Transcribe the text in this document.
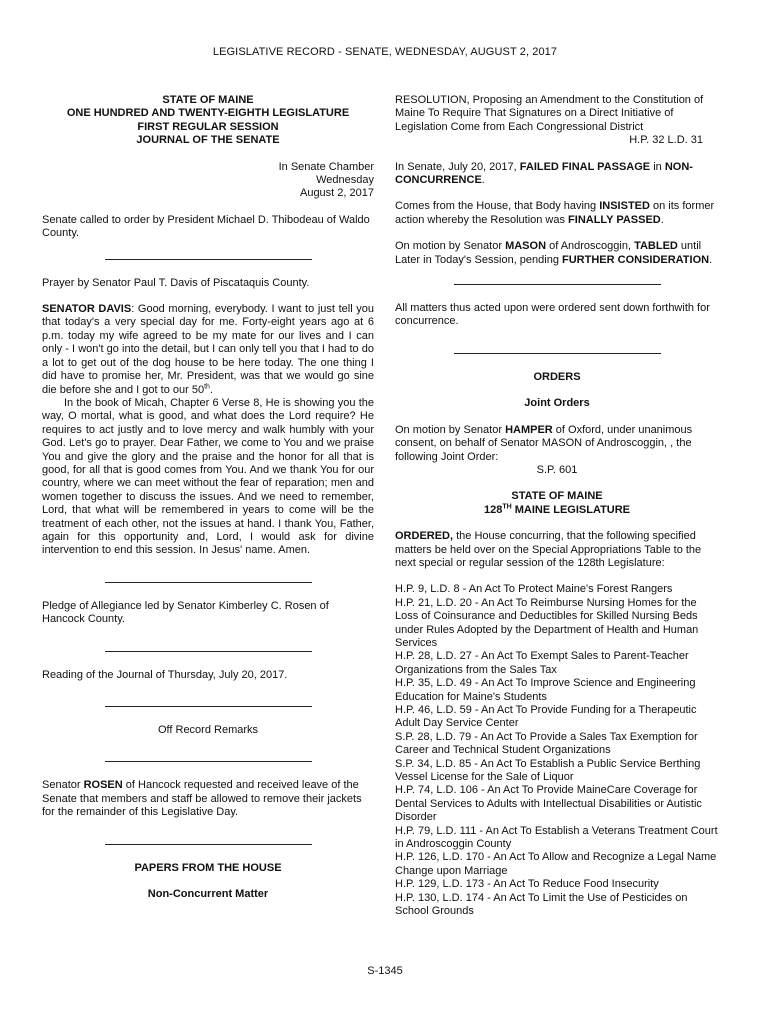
LEGISLATIVE RECORD - SENATE, WEDNESDAY, AUGUST 2, 2017
STATE OF MAINE
ONE HUNDRED AND TWENTY-EIGHTH LEGISLATURE
FIRST REGULAR SESSION
JOURNAL OF THE SENATE
In Senate Chamber
Wednesday
August 2, 2017

Senate called to order by President Michael D. Thibodeau of Waldo County.

Prayer by Senator Paul T. Davis of Piscataquis County.

SENATOR DAVIS: Good morning, everybody. I want to just tell you that today's a very special day for me. Forty-eight years ago at 6 p.m. today my wife agreed to be my mate for our lives and I can only - I won't go into the detail, but I can only tell you that I had to do a lot to get out of the dog house to be here today. The one thing I did have to promise her, Mr. President, was that we would go sine die before she and I got to our 50th.

In the book of Micah, Chapter 6 Verse 8, He is showing you the way, O mortal, what is good, and what does the Lord require? He requires to act justly and to love mercy and walk humbly with your God. Let's go to prayer. Dear Father, we come to You and we praise You and give the glory and the praise and the honor for all that is good, for all that is good comes from You. And we thank You for our country, where we can meet without the fear of reparation; men and women together to discuss the issues. And we need to remember, Lord, that what will be remembered in years to come will be the treatment of each other, not the issues at hand. I thank You, Father, again for this opportunity and, Lord, I would ask for divine intervention to end this session. In Jesus' name. Amen.

Pledge of Allegiance led by Senator Kimberley C. Rosen of Hancock County.

Reading of the Journal of Thursday, July 20, 2017.

Off Record Remarks

Senator ROSEN of Hancock requested and received leave of the Senate that members and staff be allowed to remove their jackets for the remainder of this Legislative Day.

PAPERS FROM THE HOUSE

Non-Concurrent Matter

RESOLUTION, Proposing an Amendment to the Constitution of Maine To Require That Signatures on a Direct Initiative of Legislation Come from Each Congressional District

H.P. 32 L.D. 31

In Senate, July 20, 2017, FAILED FINAL PASSAGE in NON-CONCURRENCE.

Comes from the House, that Body having INSISTED on its former action whereby the Resolution was FINALLY PASSED.

On motion by Senator MASON of Androscoggin, TABLED until Later in Today's Session, pending FURTHER CONSIDERATION.

All matters thus acted upon were ordered sent down forthwith for concurrence.

ORDERS

Joint Orders

On motion by Senator HAMPER of Oxford, under unanimous consent, on behalf of Senator MASON of Androscoggin, , the following Joint Order:

S.P. 601

STATE OF MAINE

128TH MAINE LEGISLATURE

ORDERED, the House concurring, that the following specified matters be held over on the Special Appropriations Table to the next special or regular session of the 128th Legislature:

H.P. 9, L.D. 8 - An Act To Protect Maine's Forest Rangers

H.P. 21, L.D. 20 - An Act To Reimburse Nursing Homes for the Loss of Coinsurance and Deductibles for Skilled Nursing Beds under Rules Adopted by the Department of Health and Human Services

H.P. 28, L.D. 27 - An Act To Exempt Sales to Parent-Teacher Organizations from the Sales Tax

H.P. 35, L.D. 49 - An Act To Improve Science and Engineering Education for Maine's Students

H.P. 46, L.D. 59 - An Act To Provide Funding for a Therapeutic Adult Day Service Center

S.P. 28, L.D. 79 - An Act To Provide a Sales Tax Exemption for Career and Technical Student Organizations

S.P. 34, L.D. 85 - An Act To Establish a Public Service Berthing Vessel License for the Sale of Liquor

H.P. 74, L.D. 106 - An Act To Provide MaineCare Coverage for Dental Services to Adults with Intellectual Disabilities or Autistic Disorder

H.P. 79, L.D. 111 - An Act To Establish a Veterans Treatment Court in Androscoggin County

H.P. 126, L.D. 170 - An Act To Allow and Recognize a Legal Name Change upon Marriage

H.P. 129, L.D. 173 - An Act To Reduce Food Insecurity

H.P. 130, L.D. 174 - An Act To Limit the Use of Pesticides on School Grounds

S-1345
